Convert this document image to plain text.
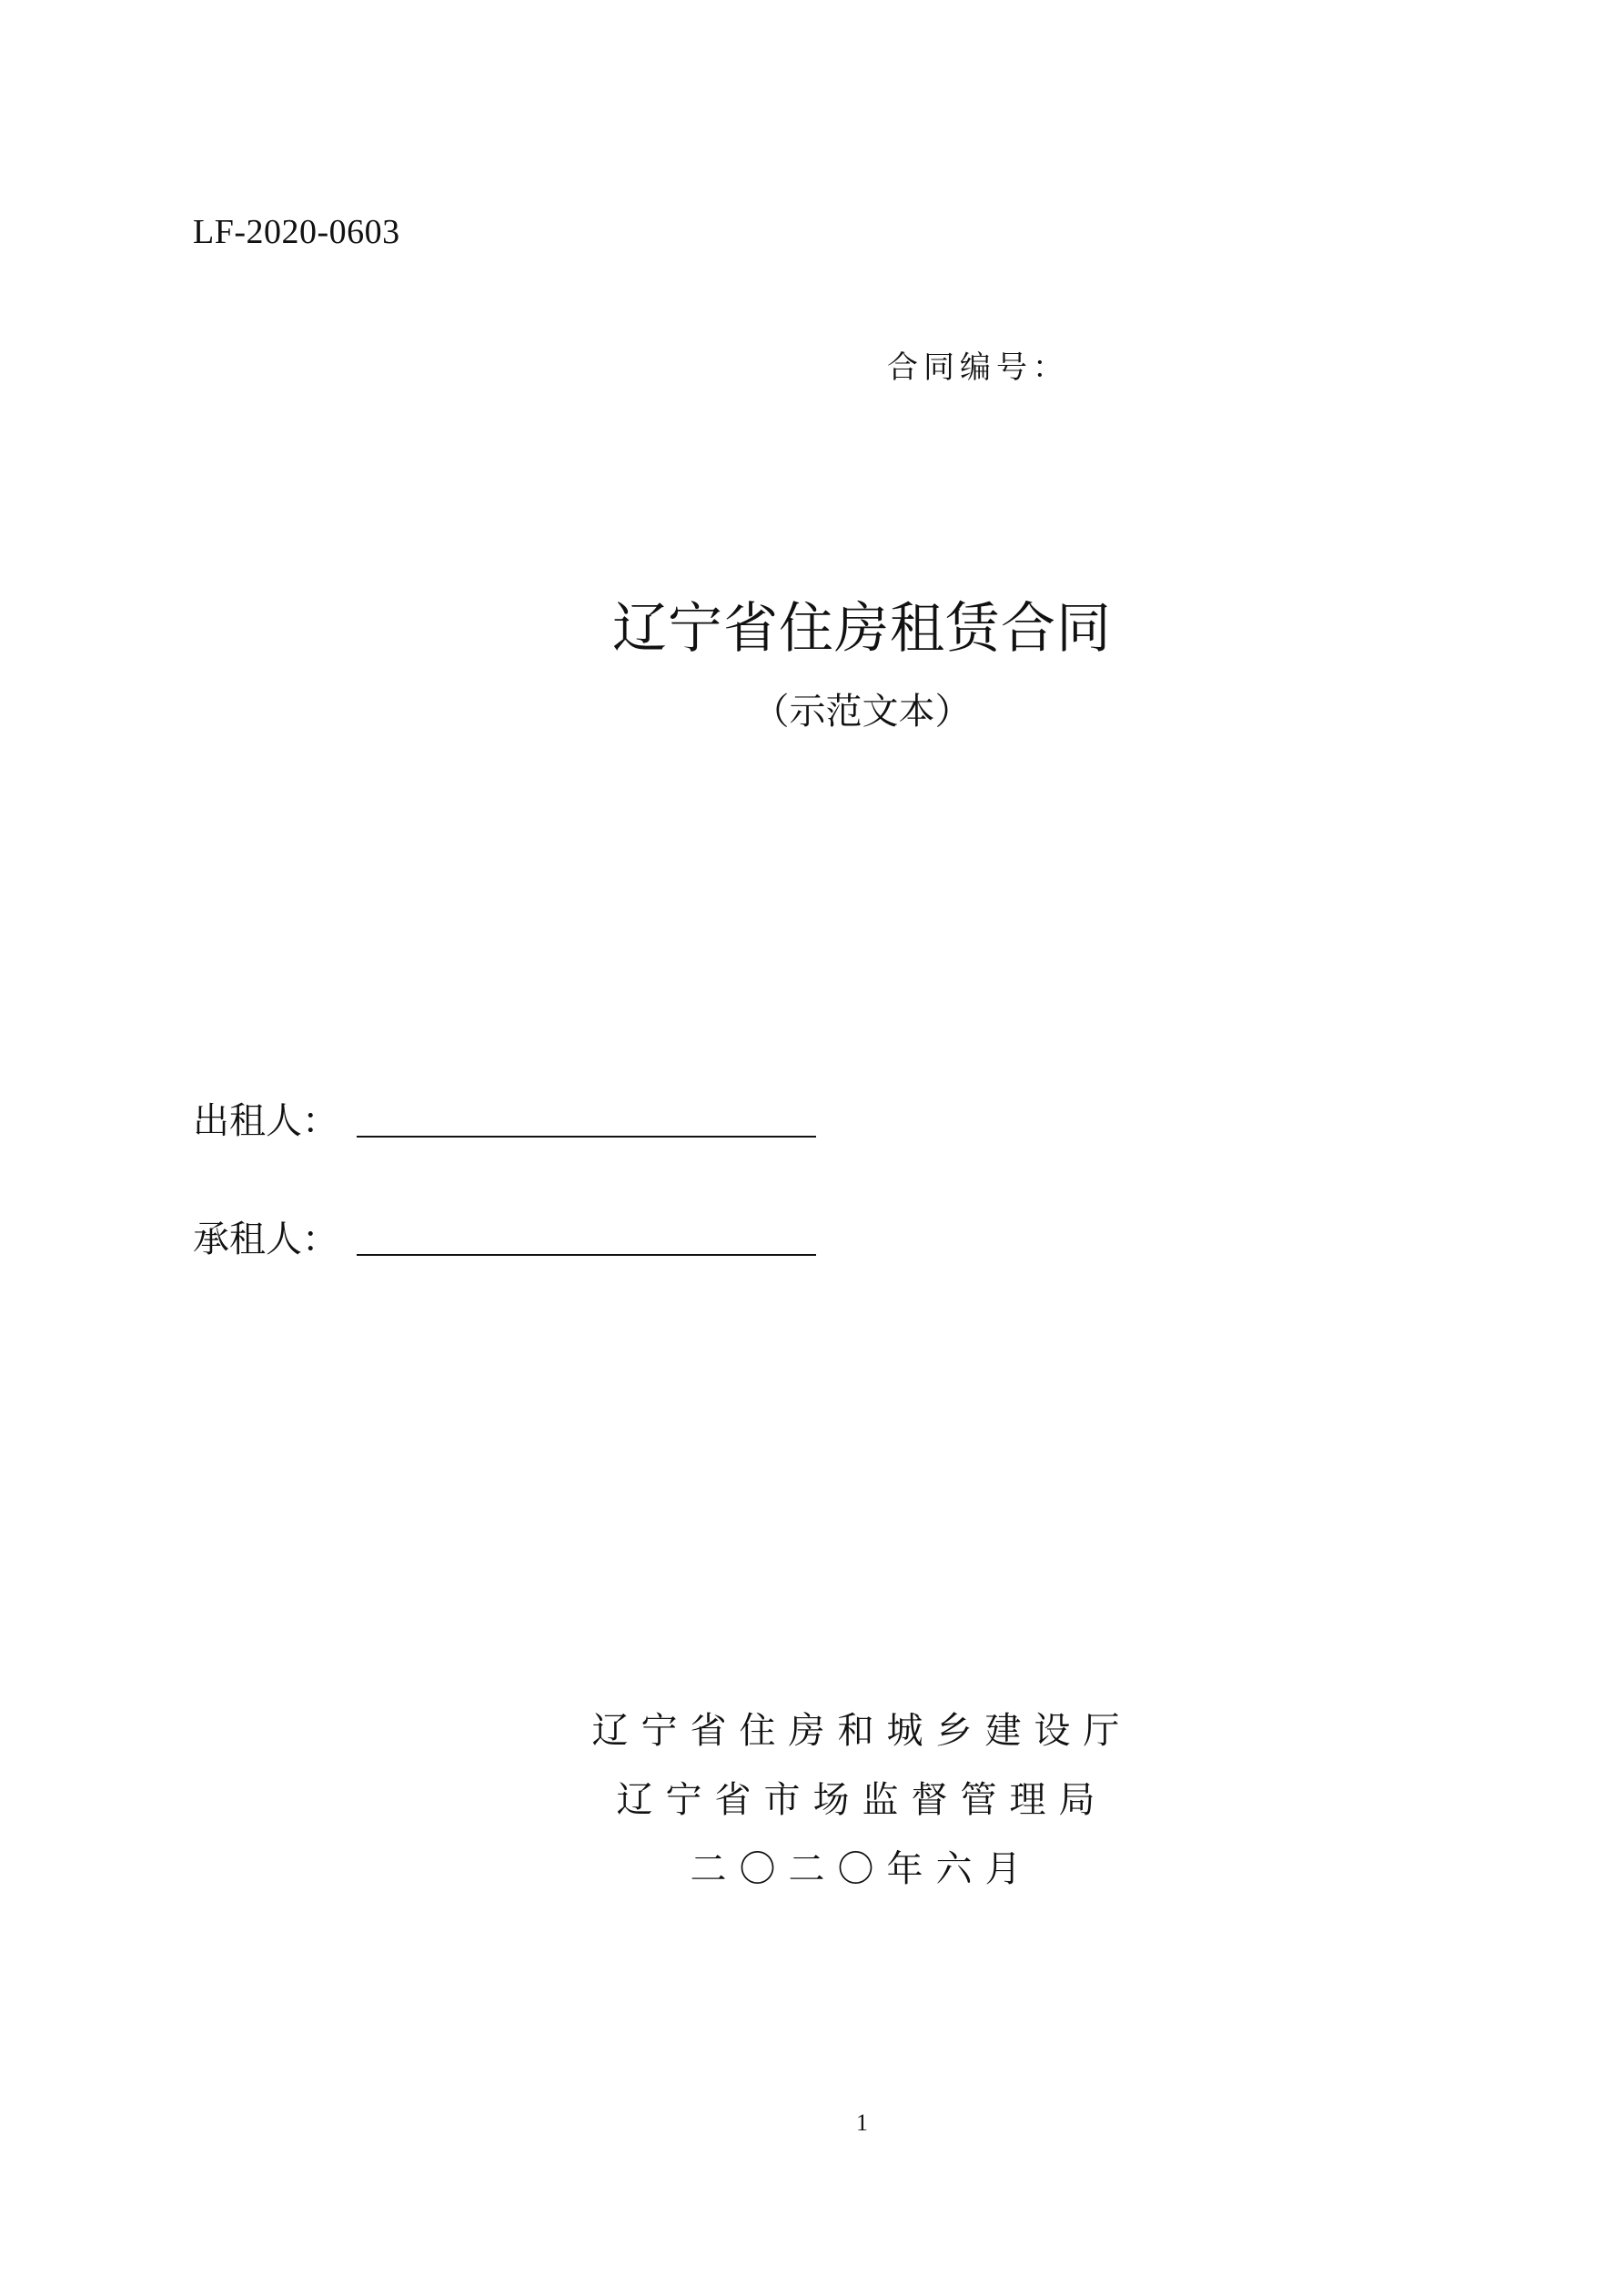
LF-2020-0603
合同编号：
辽宁省住房租赁合同
（示范文本）
出租人：
承租人：
辽宁省住房和城乡建设厅
辽宁省市场监督管理局
二〇二〇年六月
1
